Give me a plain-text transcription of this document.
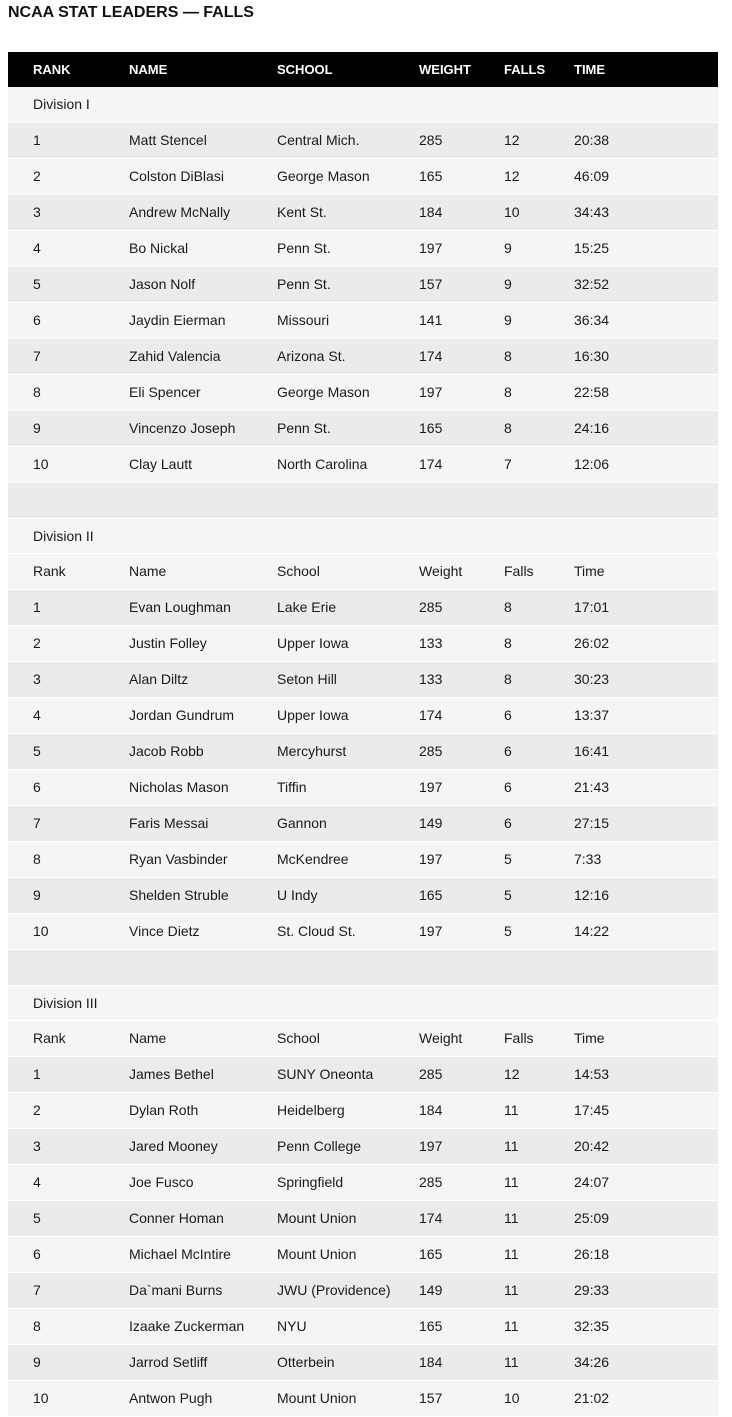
NCAA STAT LEADERS — FALLS
RANK	NAME	SCHOOL	WEIGHT	FALLS	TIME
Division I					
1	Matt Stencel	Central Mich.	285	12	20:38
2	Colston DiBlasi	George Mason	165	12	46:09
3	Andrew McNally	Kent St.	184	10	34:43
4	Bo Nickal	Penn St.	197	9	15:25
5	Jason Nolf	Penn St.	157	9	32:52
6	Jaydin Eierman	Missouri	141	9	36:34
7	Zahid Valencia	Arizona St.	174	8	16:30
8	Eli Spencer	George Mason	197	8	22:58
9	Vincenzo Joseph	Penn St.	165	8	24:16
10	Clay Lautt	North Carolina	174	7	12:06

Division II					
Rank	Name	School	Weight	Falls	Time
1	Evan Loughman	Lake Erie	285	8	17:01
2	Justin Folley	Upper Iowa	133	8	26:02
3	Alan Diltz	Seton Hill	133	8	30:23
4	Jordan Gundrum	Upper Iowa	174	6	13:37
5	Jacob Robb	Mercyhurst	285	6	16:41
6	Nicholas Mason	Tiffin	197	6	21:43
7	Faris Messai	Gannon	149	6	27:15
8	Ryan Vasbinder	McKendree	197	5	7:33
9	Shelden Struble	U Indy	165	5	12:16
10	Vince Dietz	St. Cloud St.	197	5	14:22

Division III					
Rank	Name	School	Weight	Falls	Time
1	James Bethel	SUNY Oneonta	285	12	14:53
2	Dylan Roth	Heidelberg	184	11	17:45
3	Jared Mooney	Penn College	197	11	20:42
4	Joe Fusco	Springfield	285	11	24:07
5	Conner Homan	Mount Union	174	11	25:09
6	Michael McIntire	Mount Union	165	11	26:18
7	Da`mani Burns	JWU (Providence)	149	11	29:33
8	Izaake Zuckerman	NYU	165	11	32:35
9	Jarrod Setliff	Otterbein	184	11	34:26
10	Antwon Pugh	Mount Union	157	10	21:02
